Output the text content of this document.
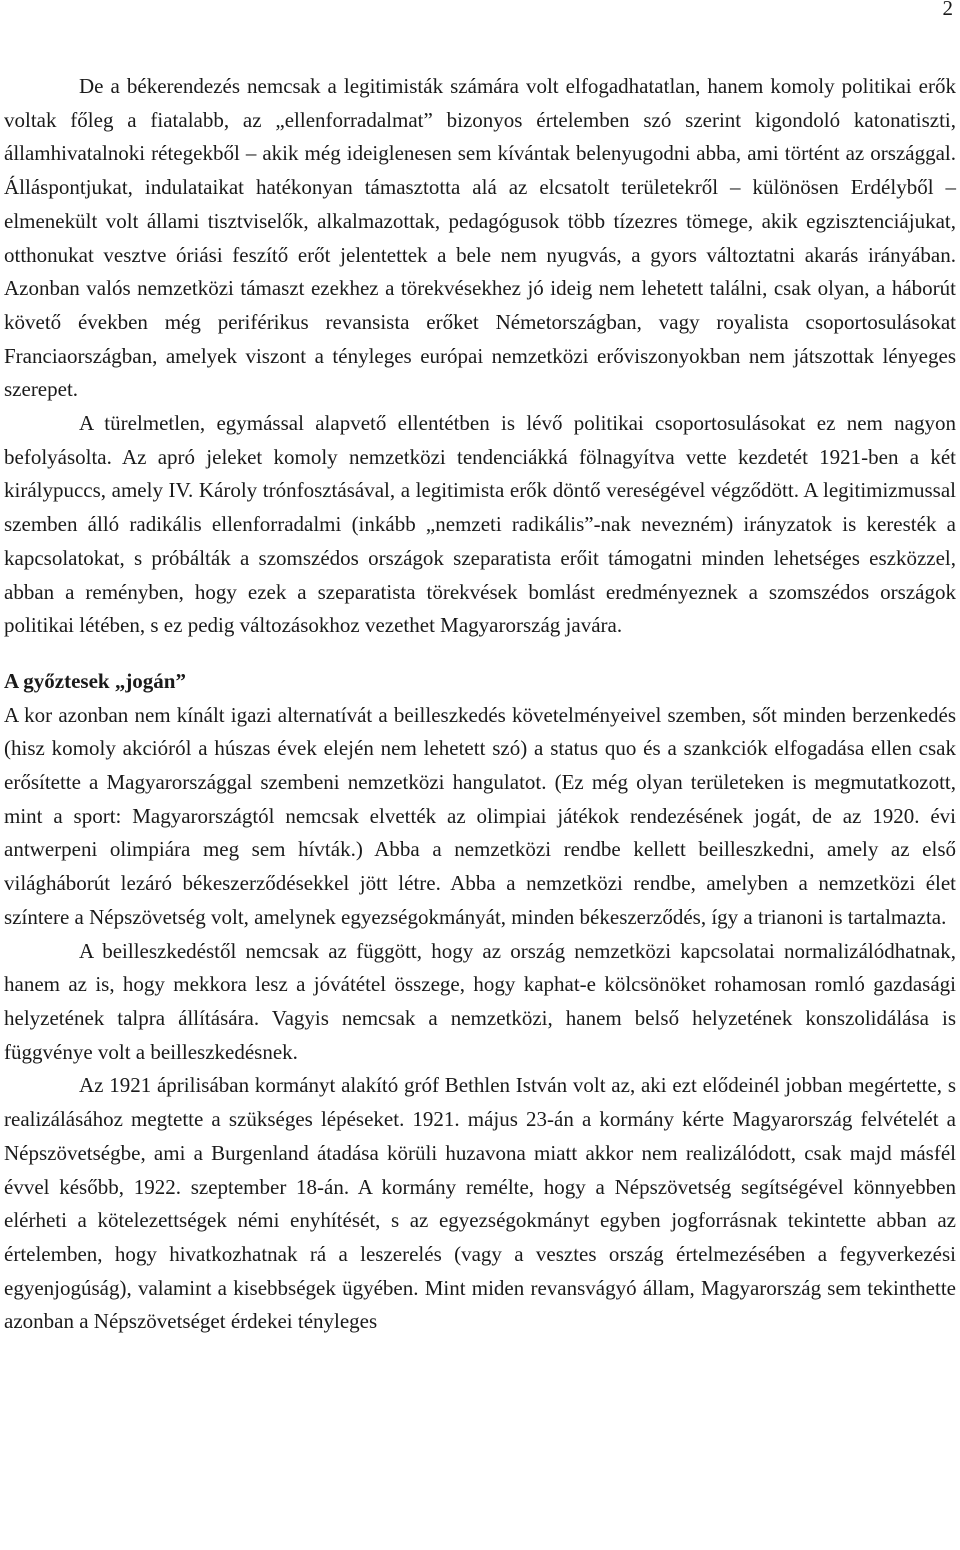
2

De a békerendezés nemcsak a legitimisták számára volt elfogadhatatlan, hanem komoly politikai erők voltak főleg a fiatalabb, az „ellenforradalmat” bizonyos értelemben szó szerint kigondoló katonatiszti, államhivatalnoki rétegekből – akik még ideiglenesen sem kívántak belenyugodni abba, ami történt az országgal. Álláspontjukat, indulataikat hatékonyan támasztotta alá az elcsatolt területekről – különösen Erdélyből – elmenekült volt állami tisztviselők, alkalmazottak, pedagógusok több tízezres tömege, akik egzisztenciájukat, otthonukat vesztve óriási feszítő erőt jelentettek a bele nem nyugvás, a gyors változtatni akarás irányában. Azonban valós nemzetközi támaszt ezekhez a törekvésekhez jó ideig nem lehetett találni, csak olyan, a háborút követő években még periférikus revansista erőket Németországban, vagy royalista csoportosulásokat Franciaországban, amelyek viszont a tényleges európai nemzetközi erőviszonyokban nem játszottak lényeges szerepet.

A türelmetlen, egymással alapvető ellentétben is lévő politikai csoportosulásokat ez nem nagyon befolyásolta. Az apró jeleket komoly nemzetközi tendenciákká fölnagyítva vette kezdetét 1921-ben a két királypuccs, amely IV. Károly trónfosztásával, a legitimista erők döntő vereségével végződött. A legitimizmussal szemben álló radikális ellenforradalmi (inkább „nemzeti radikális”-nak nevezném) irányzatok is keresték a kapcsolatokat, s próbálták a szomszédos országok szeparatista erőit támogatni minden lehetséges eszközzel, abban a reményben, hogy ezek a szeparatista törekvések bomlást eredményeznek a szomszédos országok politikai létében, s ez pedig változásokhoz vezethet Magyarország javára.

A győztesek „jogán”

A kor azonban nem kínált igazi alternatívát a beilleszkedés követelményeivel szemben, sőt minden berzenkedés (hisz komoly akcióról a húszas évek elején nem lehetett szó) a status quo és a szankciók elfogadása ellen csak erősítette a Magyarországgal szembeni nemzetközi hangulatot. (Ez még olyan területeken is megmutatkozott, mint a sport: Magyarországtól nemcsak elvették az olimpiai játékok rendezésének jogát, de az 1920. évi antwerpeni olimpiára meg sem hívták.) Abba a nemzetközi rendbe kellett beilleszkedni, amely az első világháborút lezáró békeszerződésekkel jött létre. Abba a nemzetközi rendbe, amelyben a nemzetközi élet színtere a Népszövetség volt, amelynek egyezségokmányát, minden békeszerződés, így a trianoni is tartalmazta.

A beilleszkedéstől nemcsak az függött, hogy az ország nemzetközi kapcsolatai normalizálódhatnak, hanem az is, hogy mekkora lesz a jóvátétel összege, hogy kaphat-e kölcsönöket rohamosan romló gazdasági helyzetének talpra állítására. Vagyis nemcsak a nemzetközi, hanem belső helyzetének konszolidálása is függvénye volt a beilleszkedésnek.

Az 1921 áprilisában kormányt alakító gróf Bethlen István volt az, aki ezt elődeinél jobban megértette, s realizálásához megtette a szükséges lépéseket. 1921. május 23-án a kormány kérte Magyarország felvételét a Népszövetségbe, ami a Burgenland átadása körüli huzavona miatt akkor nem realizálódott, csak majd másfél évvel később, 1922. szeptember 18-án. A kormány remélte, hogy a Népszövetség segítségével könnyebben elérheti a kötelezettségek némi enyhítését, s az egyezségokmányt egyben jogforrásnak tekintette abban az értelemben, hogy hivatkozhatnak rá a leszerelés (vagy a vesztes ország értelmezésében a fegyverkezési egyenjogúság), valamint a kisebbségek ügyében. Mint miden revansvágyó állam, Magyarország sem tekinthette azonban a Népszövetséget érdekei tényleges
